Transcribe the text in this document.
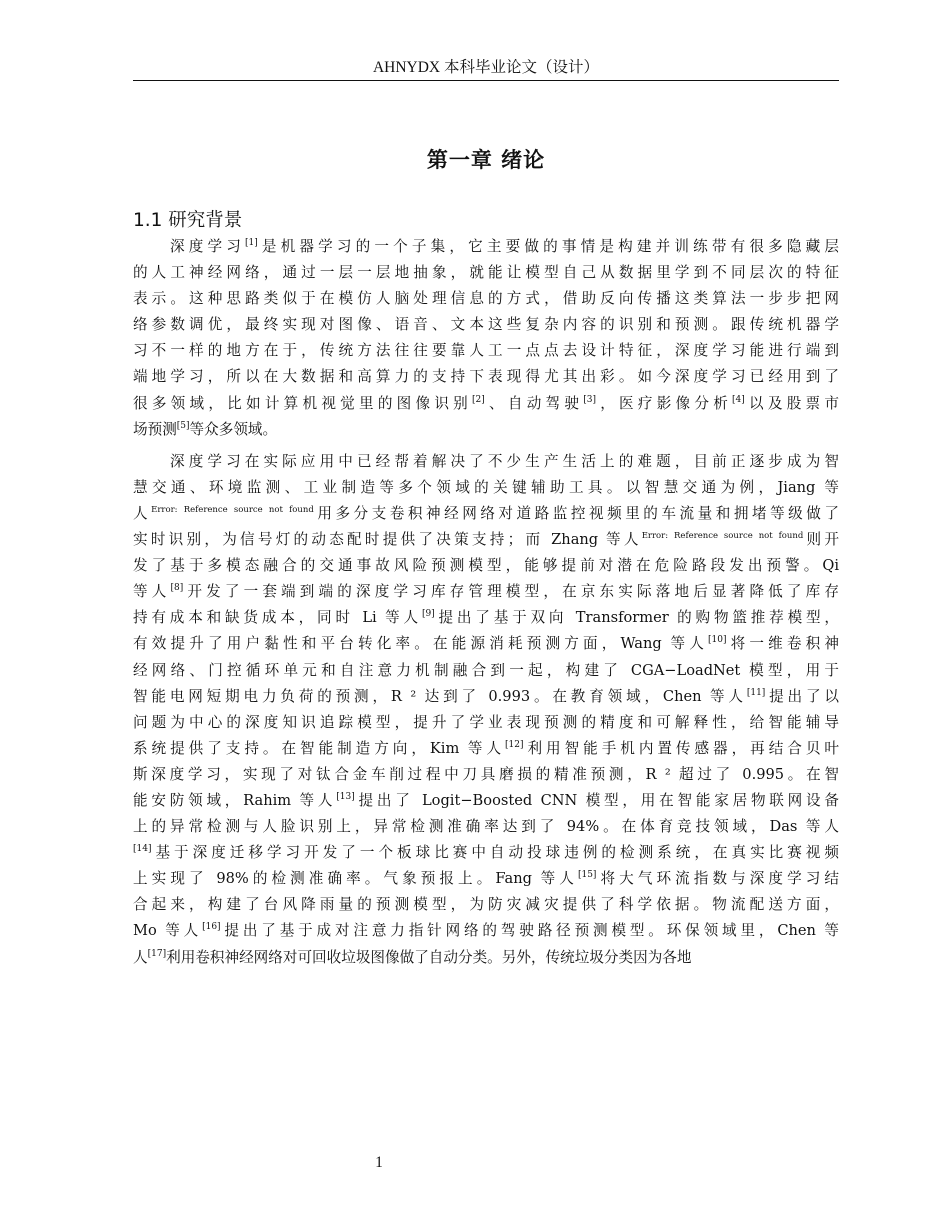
AHNYDX 本科毕业论文（设计）
第一章 绪论
1.1 研究背景
深度学习[1]是机器学习的一个子集，它主要做的事情是构建并训练带有很多隐藏层
的人工神经网络，通过一层一层地抽象，就能让模型自己从数据里学到不同层次的特征
表示。这种思路类似于在模仿人脑处理信息的方式，借助反向传播这类算法一步步把网
络参数调优，最终实现对图像、语音、文本这些复杂内容的识别和预测。跟传统机器学
习不一样的地方在于，传统方法往往要靠人工一点点去设计特征，深度学习能进行端到
端地学习，所以在大数据和高算力的支持下表现得尤其出彩。如今深度学习已经用到了
很多领域，比如计算机视觉里的图像识别[2]、自动驾驶[3]，医疗影像分析[4]以及股票市
场预测[5]等众多领域。
深度学习在实际应用中已经帮着解决了不少生产生活上的难题，目前正逐步成为智
慧交通、环境监测、工业制造等多个领域的关键辅助工具。以智慧交通为例，Jiang 等
人$^{Error: Reference source not found}$用多分支卷积神经网络对道路监控视频里的车流量和拥堵等级做了
实时识别，为信号灯的动态配时提供了决策支持；而 Zhang 等人$^{Error: Reference source not found}$则开
发了基于多模态融合的交通事故风险预测模型，能够提前对潜在危险路段发出预警。Qi
等人[8]开发了一套端到端的深度学习库存管理模型，在京东实际落地后显著降低了库存
持有成本和缺货成本，同时 Li 等人[9]提出了基于双向 Transformer 的购物篮推荐模型，
有效提升了用户黏性和平台转化率。在能源消耗预测方面，Wang 等人[10]将一维卷积神
经网络、门控循环单元和自注意力机制融合到一起，构建了 CGA−LoadNet 模型，用于
智能电网短期电力负荷的预测，R ² 达到了 0.993。在教育领域，Chen 等人[11]提出了以
问题为中心的深度知识追踪模型，提升了学业表现预测的精度和可解释性，给智能辅导
系统提供了支持。在智能制造方向，Kim 等人[12]利用智能手机内置传感器，再结合贝叶
斯深度学习，实现了对钛合金车削过程中刀具磨损的精准预测，R ² 超过了 0.995。在智
能安防领域，Rahim 等人[13]提出了 Logit−Boosted CNN 模型，用在智能家居物联网设备
上的异常检测与人脸识别上，异常检测准确率达到了 94%。在体育竞技领域，Das 等人
[14]基于深度迁移学习开发了一个板球比赛中自动投球违例的检测系统，在真实比赛视频
上实现了 98%的检测准确率。气象预报上。Fang 等人[15]将大气环流指数与深度学习结
合起来，构建了台风降雨量的预测模型，为防灾减灾提供了科学依据。物流配送方面，
Mo 等人[16]提出了基于成对注意力指针网络的驾驶路径预测模型。环保领域里，Chen 等
人[17]利用卷积神经网络对可回收垃圾图像做了自动分类。另外，传统垃圾分类因为各地
1
